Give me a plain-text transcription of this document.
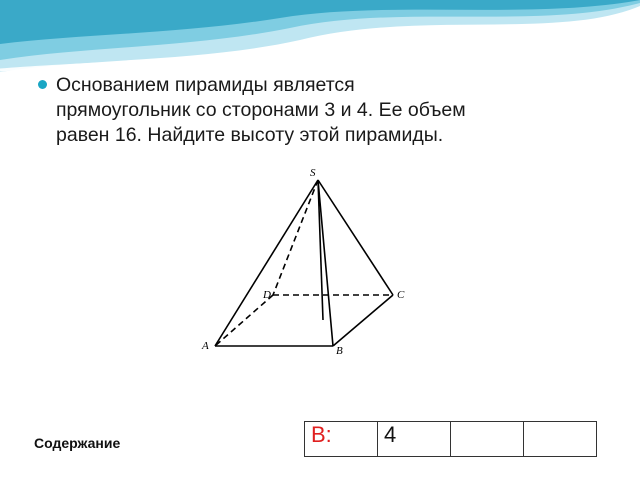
Основанием пирамиды является
прямоугольник со сторонами 3 и 4. Ее объем
равен 16. Найдите высоту этой пирамиды.
S
A	B
C
D
Содержание	В:	4		
